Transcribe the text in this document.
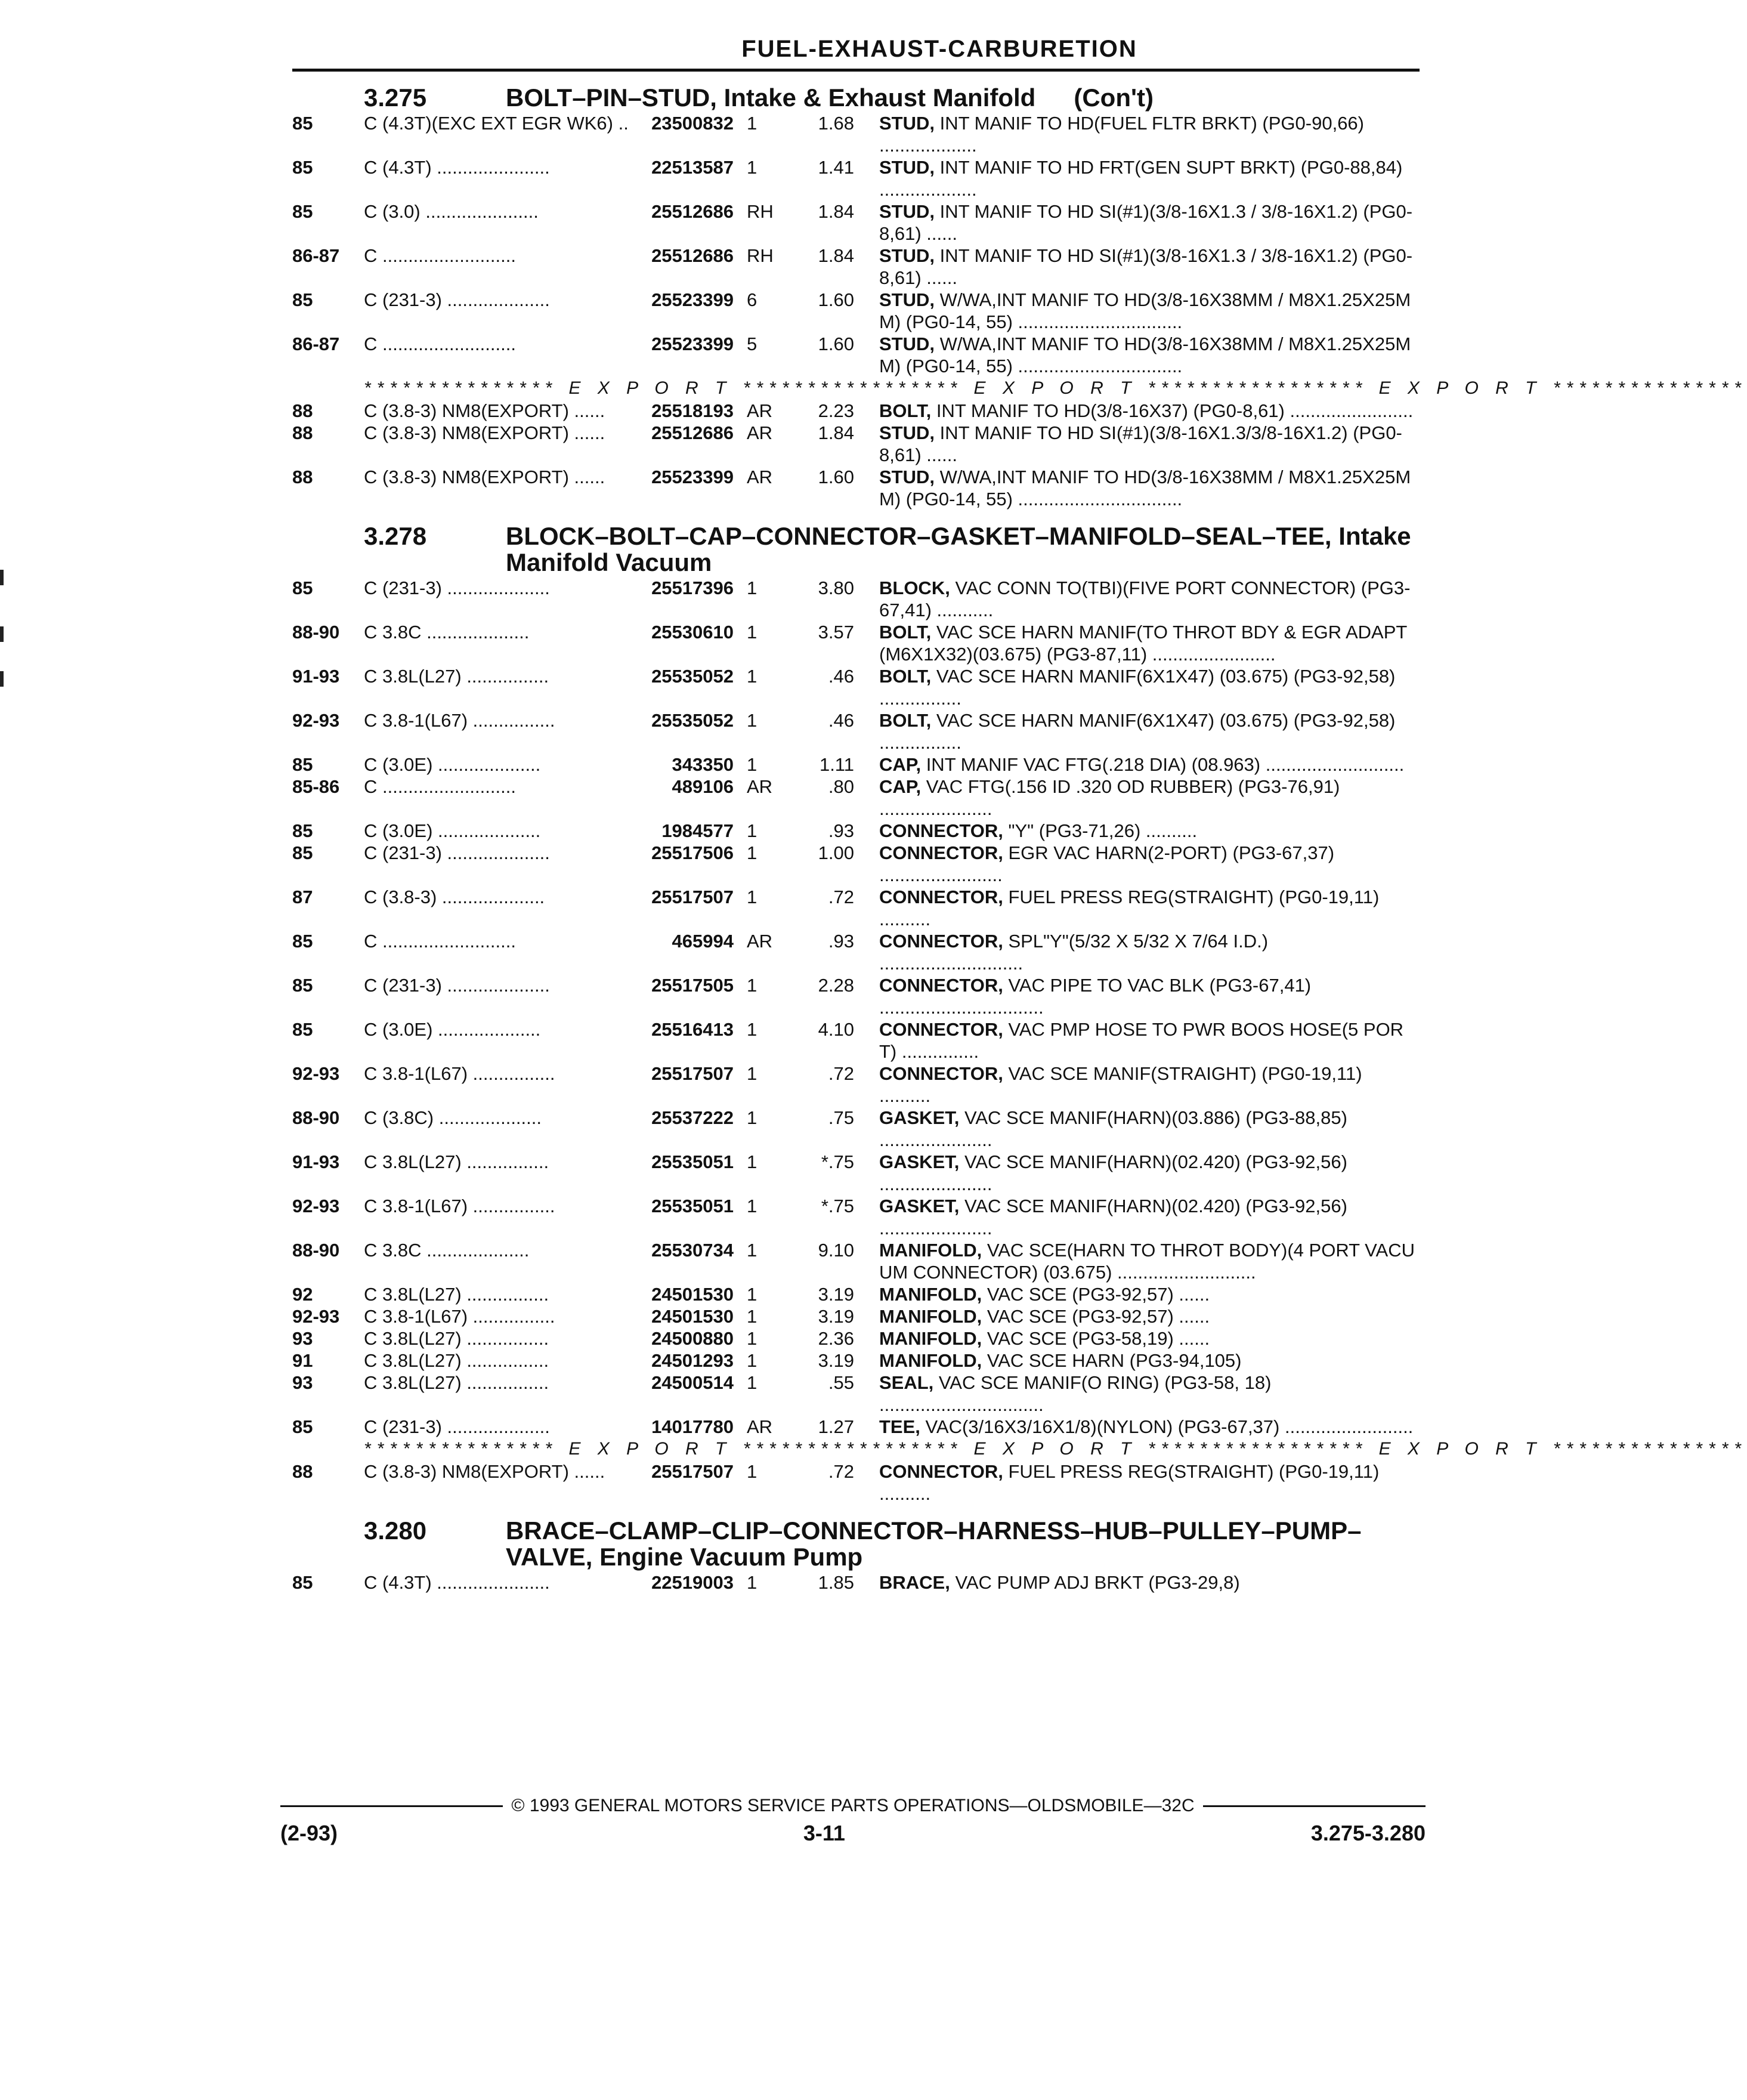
FUEL-EXHAUST-CARBURETION
3.275	BOLT–PIN–STUD, Intake & Exhaust Manifold (Con't)
85	C (4.3T)(EXC EXT EGR WK6) ..	23500832 1	1.68	STUD, INT MANIF TO HD(FUEL FLTR BRKT) (PG0-90,66) ...................
85	C (4.3T) ......................	22513587 1	1.41	STUD, INT MANIF TO HD FRT(GEN SUPT BRKT) (PG0-88,84) ...................
85	C (3.0) ......................	25512686 RH	1.84	STUD, INT MANIF TO HD SI(#1)(3/8-16X1.3 / 3/8-16X1.2) (PG0-8,61) ......
86-87	C ..........................	25512686 RH	1.84	STUD, INT MANIF TO HD SI(#1)(3/8-16X1.3 / 3/8-16X1.2) (PG0-8,61) ......
85	C (231-3) ....................	25523399 6	1.60	STUD, W/WA,INT MANIF TO HD(3/8-16X38MM / M8X1.25X25MM) (PG0-14, 55) ................................
86-87	C ..........................	25523399 5	1.60	STUD, W/WA,INT MANIF TO HD(3/8-16X38MM / M8X1.25X25MM) (PG0-14, 55) ................................
*************** E X P O R T ***************** E X P O R T ***************** E X P O R T ***************
88	C (3.8-3) NM8(EXPORT) ......	25518193 AR	2.23	BOLT, INT MANIF TO HD(3/8-16X37) (PG0-8,61) ........................
88	C (3.8-3) NM8(EXPORT) ......	25512686 AR	1.84	STUD, INT MANIF TO HD SI(#1)(3/8-16X1.3/3/8-16X1.2) (PG0-8,61) ......
88	C (3.8-3) NM8(EXPORT) ......	25523399 AR	1.60	STUD, W/WA,INT MANIF TO HD(3/8-16X38MM / M8X1.25X25MM) (PG0-14, 55) ................................
3.278	BLOCK–BOLT–CAP–CONNECTOR–GASKET–MANIFOLD–SEAL–TEE, Intake Manifold Vacuum
85	C (231-3) ....................	25517396 1	3.80	BLOCK, VAC CONN TO(TBI)(FIVE PORT CONNECTOR) (PG3-67,41) ...........
88-90	C 3.8C ....................	25530610 1	3.57	BOLT, VAC SCE HARN MANIF(TO THROT BDY & EGR ADAPT(M6X1X32)(03.675) (PG3-87,11) ........................
91-93	C 3.8L(L27) ................	25535052 1	.46	BOLT, VAC SCE HARN MANIF(6X1X47) (03.675) (PG3-92,58) ................
92-93	C 3.8-1(L67) ................	25535052 1	.46	BOLT, VAC SCE HARN MANIF(6X1X47) (03.675) (PG3-92,58) ................
85	C (3.0E) ....................	343350 1	1.11	CAP, INT MANIF VAC FTG(.218 DIA) (08.963) ...........................
85-86	C ..........................	489106 AR	.80	CAP, VAC FTG(.156 ID .320 OD RUBBER) (PG3-76,91) ......................
85	C (3.0E) ....................	1984577 1	.93	CONNECTOR, "Y" (PG3-71,26) ..........
85	C (231-3) ....................	25517506 1	1.00	CONNECTOR, EGR VAC HARN(2-PORT) (PG3-67,37) ........................
87	C (3.8-3) ....................	25517507 1	.72	CONNECTOR, FUEL PRESS REG(STRAIGHT) (PG0-19,11) ..........
85	C ..........................	465994 AR	.93	CONNECTOR, SPL"Y"(5/32 X 5/32 X 7/64 I.D.) ............................
85	C (231-3) ....................	25517505 1	2.28	CONNECTOR, VAC PIPE TO VAC BLK (PG3-67,41) ................................
85	C (3.0E) ....................	25516413 1	4.10	CONNECTOR, VAC PMP HOSE TO PWR BOOS HOSE(5 PORT) ...............
92-93	C 3.8-1(L67) ................	25517507 1	.72	CONNECTOR, VAC SCE MANIF(STRAIGHT) (PG0-19,11) ..........
88-90	C (3.8C) ....................	25537222 1	.75	GASKET, VAC SCE MANIF(HARN)(03.886) (PG3-88,85) ......................
91-93	C 3.8L(L27) ................	25535051 1	*.75	GASKET, VAC SCE MANIF(HARN)(02.420) (PG3-92,56) ......................
92-93	C 3.8-1(L67) ................	25535051 1	*.75	GASKET, VAC SCE MANIF(HARN)(02.420) (PG3-92,56) ......................
88-90	C 3.8C ....................	25530734 1	9.10	MANIFOLD, VAC SCE(HARN TO THROT BODY)(4 PORT VACUUM CONNECTOR) (03.675) ...........................
92	C 3.8L(L27) ................	24501530 1	3.19	MANIFOLD, VAC SCE (PG3-92,57) ......
92-93	C 3.8-1(L67) ................	24501530 1	3.19	MANIFOLD, VAC SCE (PG3-92,57) ......
93	C 3.8L(L27) ................	24500880 1	2.36	MANIFOLD, VAC SCE (PG3-58,19) ......
91	C 3.8L(L27) ................	24501293 1	3.19	MANIFOLD, VAC SCE HARN (PG3-94,105)
93	C 3.8L(L27) ................	24500514 1	.55	SEAL, VAC SCE MANIF(O RING) (PG3-58, 18) ................................
85	C (231-3) ....................	14017780 AR	1.27	TEE, VAC(3/16X3/16X1/8)(NYLON) (PG3-67,37) .........................
*************** E X P O R T ***************** E X P O R T ***************** E X P O R T ***************
88	C (3.8-3) NM8(EXPORT) ......	25517507 1	.72	CONNECTOR, FUEL PRESS REG(STRAIGHT) (PG0-19,11) ..........
3.280	BRACE–CLAMP–CLIP–CONNECTOR–HARNESS–HUB–PULLEY–PUMP–VALVE, Engine Vacuum Pump
85	C (4.3T) ......................	22519003 1	1.85	BRACE, VAC PUMP ADJ BRKT (PG3-29,8)
© 1993 GENERAL MOTORS SERVICE PARTS OPERATIONS—OLDSMOBILE—32C
(2-93)	3-11	3.275-3.280
